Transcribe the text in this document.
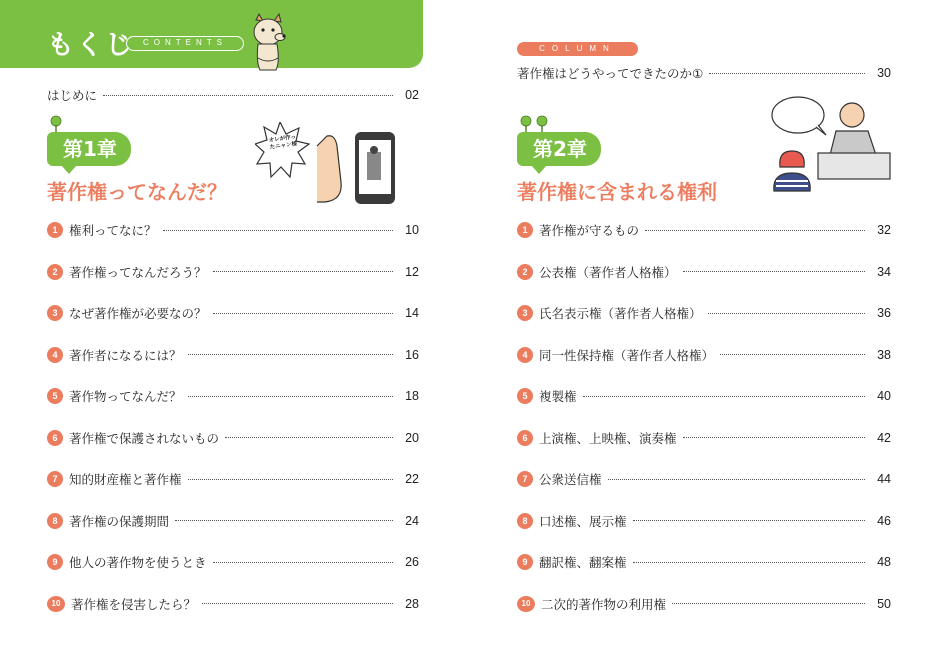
もくじ	CONTENTS
はじめに	02
第1章
著作権ってなんだ？
オレが作ったニャン様
1 権利ってなに？	10
2 著作権ってなんだろう？	12
3 なぜ著作権が必要なの？	14
4 著作者になるには？	16
5 著作物ってなんだ？	18
6 著作権で保護されないもの	20
7 知的財産権と著作権	22
8 著作権の保護期間	24
9 他人の著作物を使うとき	26
10 著作権を侵害したら？	28
COLUMN
著作権はどうやってできたのか①	30
第2章
著作権に含まれる権利
1 著作権が守るもの	32
2 公表権（著作者人格権）	34
3 氏名表示権（著作者人格権）	36
4 同一性保持権（著作者人格権）	38
5 複製権	40
6 上演権、上映権、演奏権	42
7 公衆送信権	44
8 口述権、展示権	46
9 翻訳権、翻案権	48
10 二次的著作物の利用権	50
